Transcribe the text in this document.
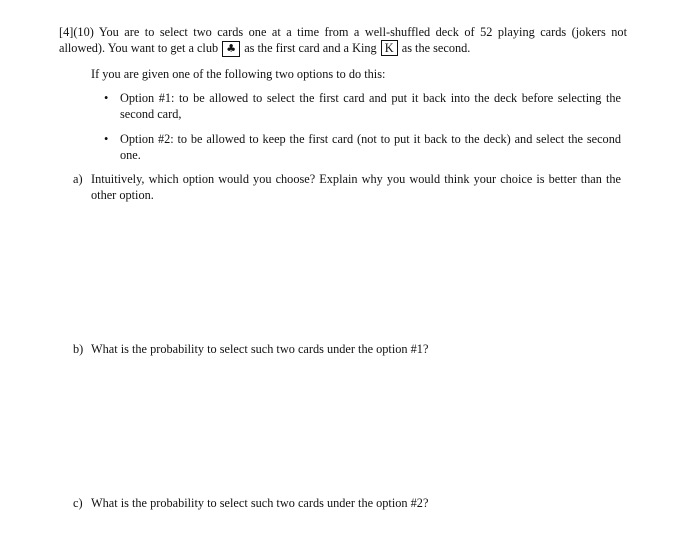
[4](10) You are to select two cards one at a time from a well-shuffled deck of 52 playing cards (jokers not allowed). You want to get a club ♣ as the first card and a King K as the second.
If you are given one of the following two options to do this:
• Option #1: to be allowed to select the first card and put it back into the deck before selecting the second card,
• Option #2: to be allowed to keep the first card (not to put it back to the deck) and select the second one.
a) Intuitively, which option would you choose? Explain why you would think your choice is better than the other option.
b) What is the probability to select such two cards under the option #1?
c) What is the probability to select such two cards under the option #2?
